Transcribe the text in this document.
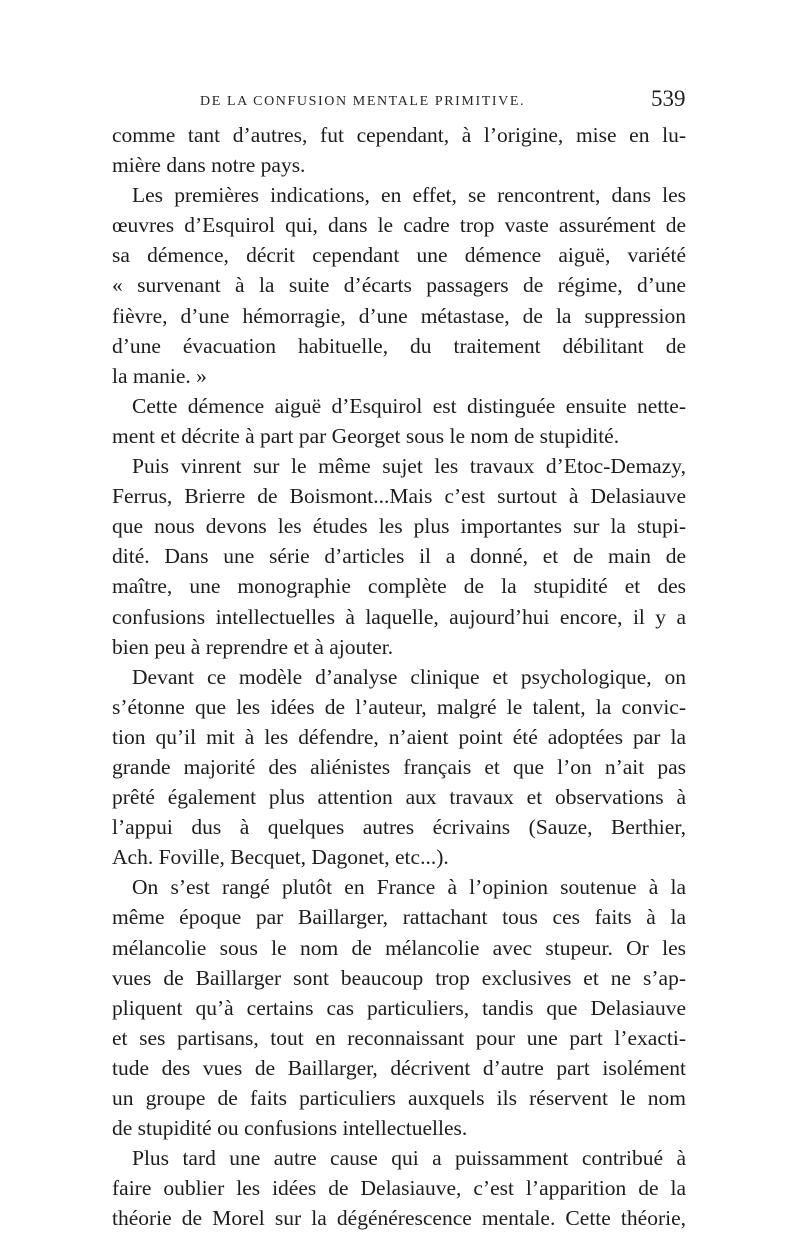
DE LA CONFUSION MENTALE PRIMITIVE.	539
comme tant d’autres, fut cependant, à l’origine, mise en lu-
mière dans notre pays.
Les premières indications, en effet, se rencontrent, dans les
œuvres d’Esquirol qui, dans le cadre trop vaste assurément de
sa démence, décrit cependant une démence aiguë, variété
« survenant à la suite d’écarts passagers de régime, d’une
fièvre, d’une hémorragie, d’une métastase, de la suppression
d’une évacuation habituelle, du traitement débilitant de
la manie. »
Cette démence aiguë d’Esquirol est distinguée ensuite nette-
ment et décrite à part par Georget sous le nom de stupidité.
Puis vinrent sur le même sujet les travaux d’Etoc-Demazy,
Ferrus, Brierre de Boismont...Mais c’est surtout à Delasiauve
que nous devons les études les plus importantes sur la stupi-
dité. Dans une série d’articles il a donné, et de main de
maître, une monographie complète de la stupidité et des
confusions intellectuelles à laquelle, aujourd’hui encore, il y a
bien peu à reprendre et à ajouter.
Devant ce modèle d’analyse clinique et psychologique, on
s’étonne que les idées de l’auteur, malgré le talent, la convic-
tion qu’il mit à les défendre, n’aient point été adoptées par la
grande majorité des aliénistes français et que l’on n’ait pas
prêté également plus attention aux travaux et observations à
l’appui dus à quelques autres écrivains (Sauze, Berthier,
Ach. Foville, Becquet, Dagonet, etc...).
On s’est rangé plutôt en France à l’opinion soutenue à la
même époque par Baillarger, rattachant tous ces faits à la
mélancolie sous le nom de mélancolie avec stupeur. Or les
vues de Baillarger sont beaucoup trop exclusives et ne s’ap-
pliquent qu’à certains cas particuliers, tandis que Delasiauve
et ses partisans, tout en reconnaissant pour une part l’exacti-
tude des vues de Baillarger, décrivent d’autre part isolément
un groupe de faits particuliers auxquels ils réservent le nom
de stupidité ou confusions intellectuelles.
Plus tard une autre cause qui a puissamment contribué à
faire oublier les idées de Delasiauve, c’est l’apparition de la
théorie de Morel sur la dégénérescence mentale. Cette théorie,
